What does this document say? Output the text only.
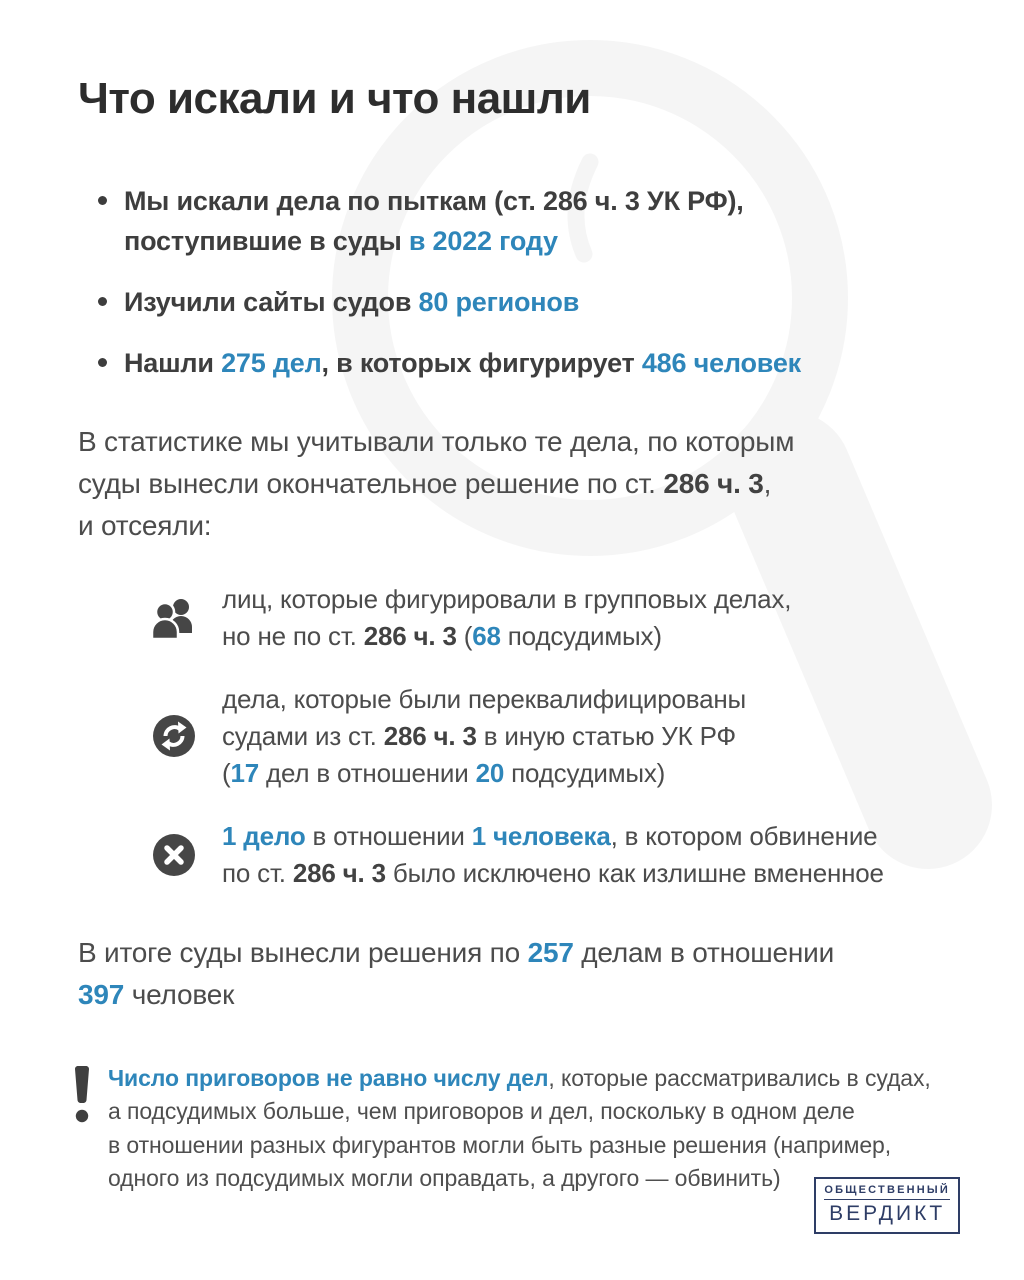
Что искали и что нашли

Мы искали дела по пыткам (ст. 286 ч. 3 УК РФ),
поступившие в суды в 2022 году

Изучили сайты судов 80 регионов

Нашли 275 дел, в которых фигурирует 486 человек

В статистике мы учитывали только те дела, по которым
суды вынесли окончательное решение по ст. 286 ч. 3,
и отсеяли:

лиц, которые фигурировали в групповых делах,
но не по ст. 286 ч. 3 (68 подсудимых)

дела, которые были переквалифицированы
судами из ст. 286 ч. 3 в иную статью УК РФ
(17 дел в отношении 20 подсудимых)

1 дело в отношении 1 человека, в котором обвинение
по ст. 286 ч. 3 было исключено как излишне вмененное

В итоге суды вынесли решения по 257 делам в отношении
397 человек

Число приговоров не равно числу дел, которые рассматривались в судах,
а подсудимых больше, чем приговоров и дел, поскольку в одном деле
в отношении разных фигурантов могли быть разные решения (например,
одного из подсудимых могли оправдать, а другого — обвинить)	ОБЩЕСТВЕННЫЙ
ВЕРДИКТ
